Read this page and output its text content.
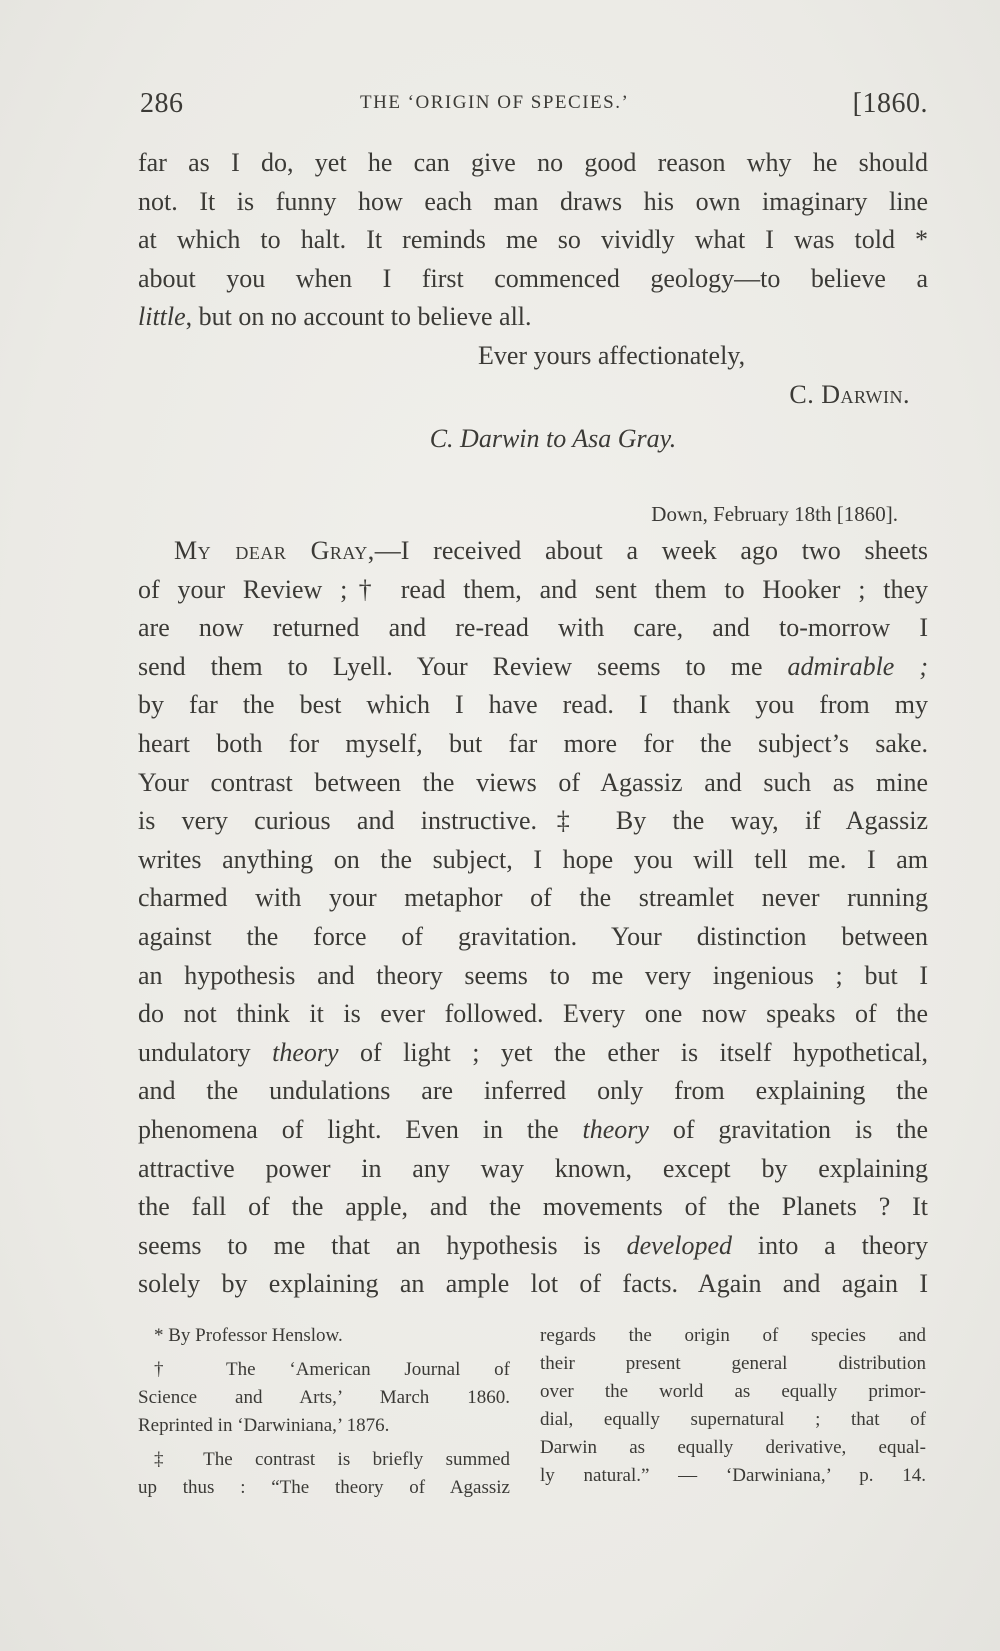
286	THE ‘ORIGIN OF SPECIES.’	[1860.
far as I do, yet he can give no good reason why he should
not. It is funny how each man draws his own imaginary line
at which to halt. It reminds me so vividly what I was told *
about you when I first commenced geology—to believe a
little, but on no account to believe all.
Ever yours affectionately,
C. Darwin.
C. Darwin to Asa Gray.
Down, February 18th [1860].
My dear Gray,—I received about a week ago two sheets
of your Review ;† read them, and sent them to Hooker ; they
are now returned and re-read with care, and to-morrow I
send them to Lyell. Your Review seems to me admirable ;
by far the best which I have read. I thank you from my
heart both for myself, but far more for the subject’s sake.
Your contrast between the views of Agassiz and such as mine
is very curious and instructive.‡ By the way, if Agassiz
writes anything on the subject, I hope you will tell me. I am
charmed with your metaphor of the streamlet never running
against the force of gravitation. Your distinction between
an hypothesis and theory seems to me very ingenious ; but I
do not think it is ever followed. Every one now speaks of the
undulatory theory of light ; yet the ether is itself hypothetical,
and the undulations are inferred only from explaining the
phenomena of light. Even in the theory of gravitation is the
attractive power in any way known, except by explaining
the fall of the apple, and the movements of the Planets ? It
seems to me that an hypothesis is developed into a theory
solely by explaining an ample lot of facts. Again and again I
* By Professor Henslow.
† The ‘American Journal of
Science and Arts,’ March 1860.
Reprinted in ‘Darwiniana,’ 1876.
‡ The contrast is briefly summed
up thus : “The theory of Agassiz
regards the origin of species and
their present general distribution
over the world as equally primor-
dial, equally supernatural ; that of
Darwin as equally derivative, equal-
ly natural.” — ‘Darwiniana,’ p. 14.
